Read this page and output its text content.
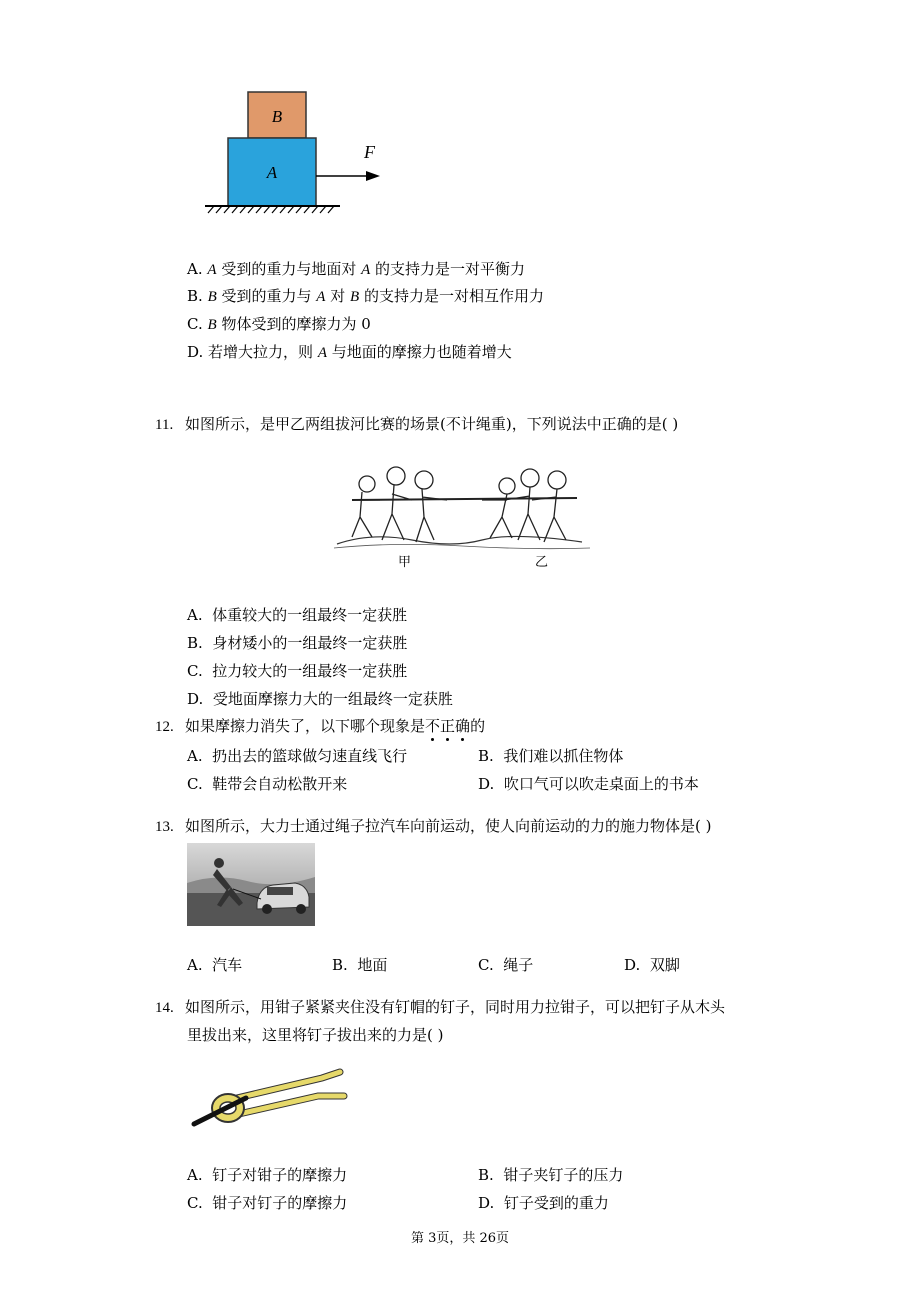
B
A
F
A. A 受到的重力与地面对 A 的支持力是一对平衡力
B. B 受到的重力与 A 对 B 的支持力是一对相互作用力
C. B 物体受到的摩擦力为 0
D. 若增大拉力，则 A 与地面的摩擦力也随着增大
11. 如图所示，是甲乙两组拔河比赛的场景(不计绳重)，下列说法中正确的是( )
甲	乙
A. 体重较大的一组最终一定获胜
B. 身材矮小的一组最终一定获胜
C. 拉力较大的一组最终一定获胜
D. 受地面摩擦力大的一组最终一定获胜
12. 如果摩擦力消失了，以下哪个现象是不正确的
A. 扔出去的篮球做匀速直线飞行	B. 我们难以抓住物体
C. 鞋带会自动松散开来	D. 吹口气可以吹走桌面上的书本
13. 如图所示，大力士通过绳子拉汽车向前运动，使人向前运动的力的施力物体是( )
A. 汽车	B. 地面	C. 绳子	D. 双脚
14. 如图所示，用钳子紧紧夹住没有钉帽的钉子，同时用力拉钳子，可以把钉子从木头
里拔出来，这里将钉子拔出来的力是( )
A. 钉子对钳子的摩擦力	B. 钳子夹钉子的压力
C. 钳子对钉子的摩擦力	D. 钉子受到的重力
第 3页，共 26页
